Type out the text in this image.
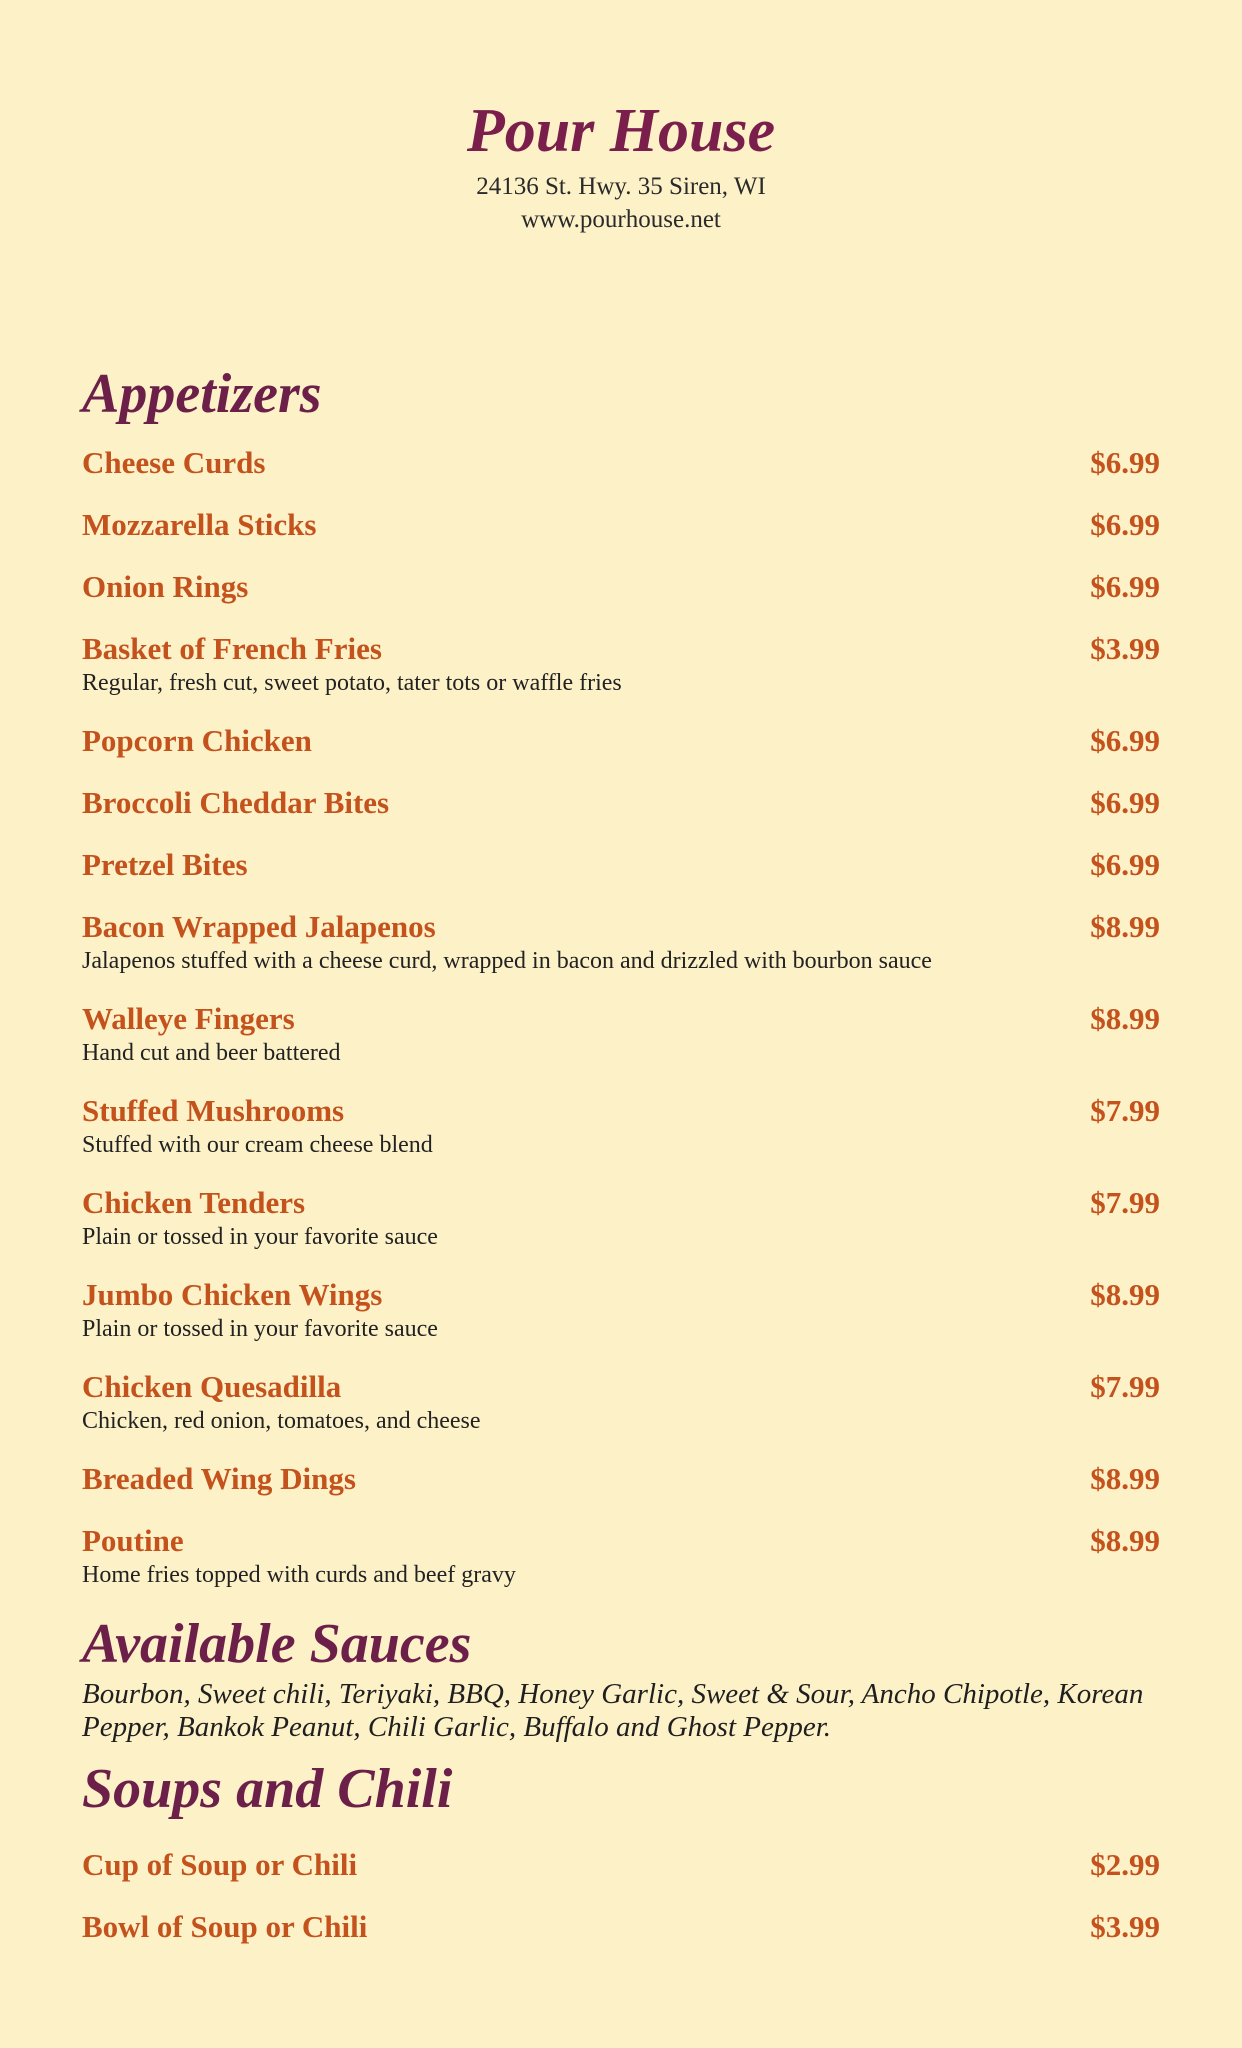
Pour House
24136 St. Hwy. 35 Siren, WI
www.pourhouse.net
Appetizers
Cheese Curds	$6.99
Mozzarella Sticks	$6.99
Onion Rings	$6.99
Basket of French Fries	$3.99
Regular, fresh cut, sweet potato, tater tots or waffle fries
Popcorn Chicken	$6.99
Broccoli Cheddar Bites	$6.99
Pretzel Bites	$6.99
Bacon Wrapped Jalapenos	$8.99
Jalapenos stuffed with a cheese curd, wrapped in bacon and drizzled with bourbon sauce
Walleye Fingers	$8.99
Hand cut and beer battered
Stuffed Mushrooms	$7.99
Stuffed with our cream cheese blend
Chicken Tenders	$7.99
Plain or tossed in your favorite sauce
Jumbo Chicken Wings	$8.99
Plain or tossed in your favorite sauce
Chicken Quesadilla	$7.99
Chicken, red onion, tomatoes, and cheese
Breaded Wing Dings	$8.99
Poutine	$8.99
Home fries topped with curds and beef gravy
Available Sauces

Bourbon, Sweet chili, Teriyaki, BBQ, Honey Garlic, Sweet & Sour, Ancho Chipotle, Korean Pepper, Bankok Peanut, Chili Garlic, Buffalo and Ghost Pepper.

Soups and Chili
Cup of Soup or Chili	$2.99
Bowl of Soup or Chili	$3.99
